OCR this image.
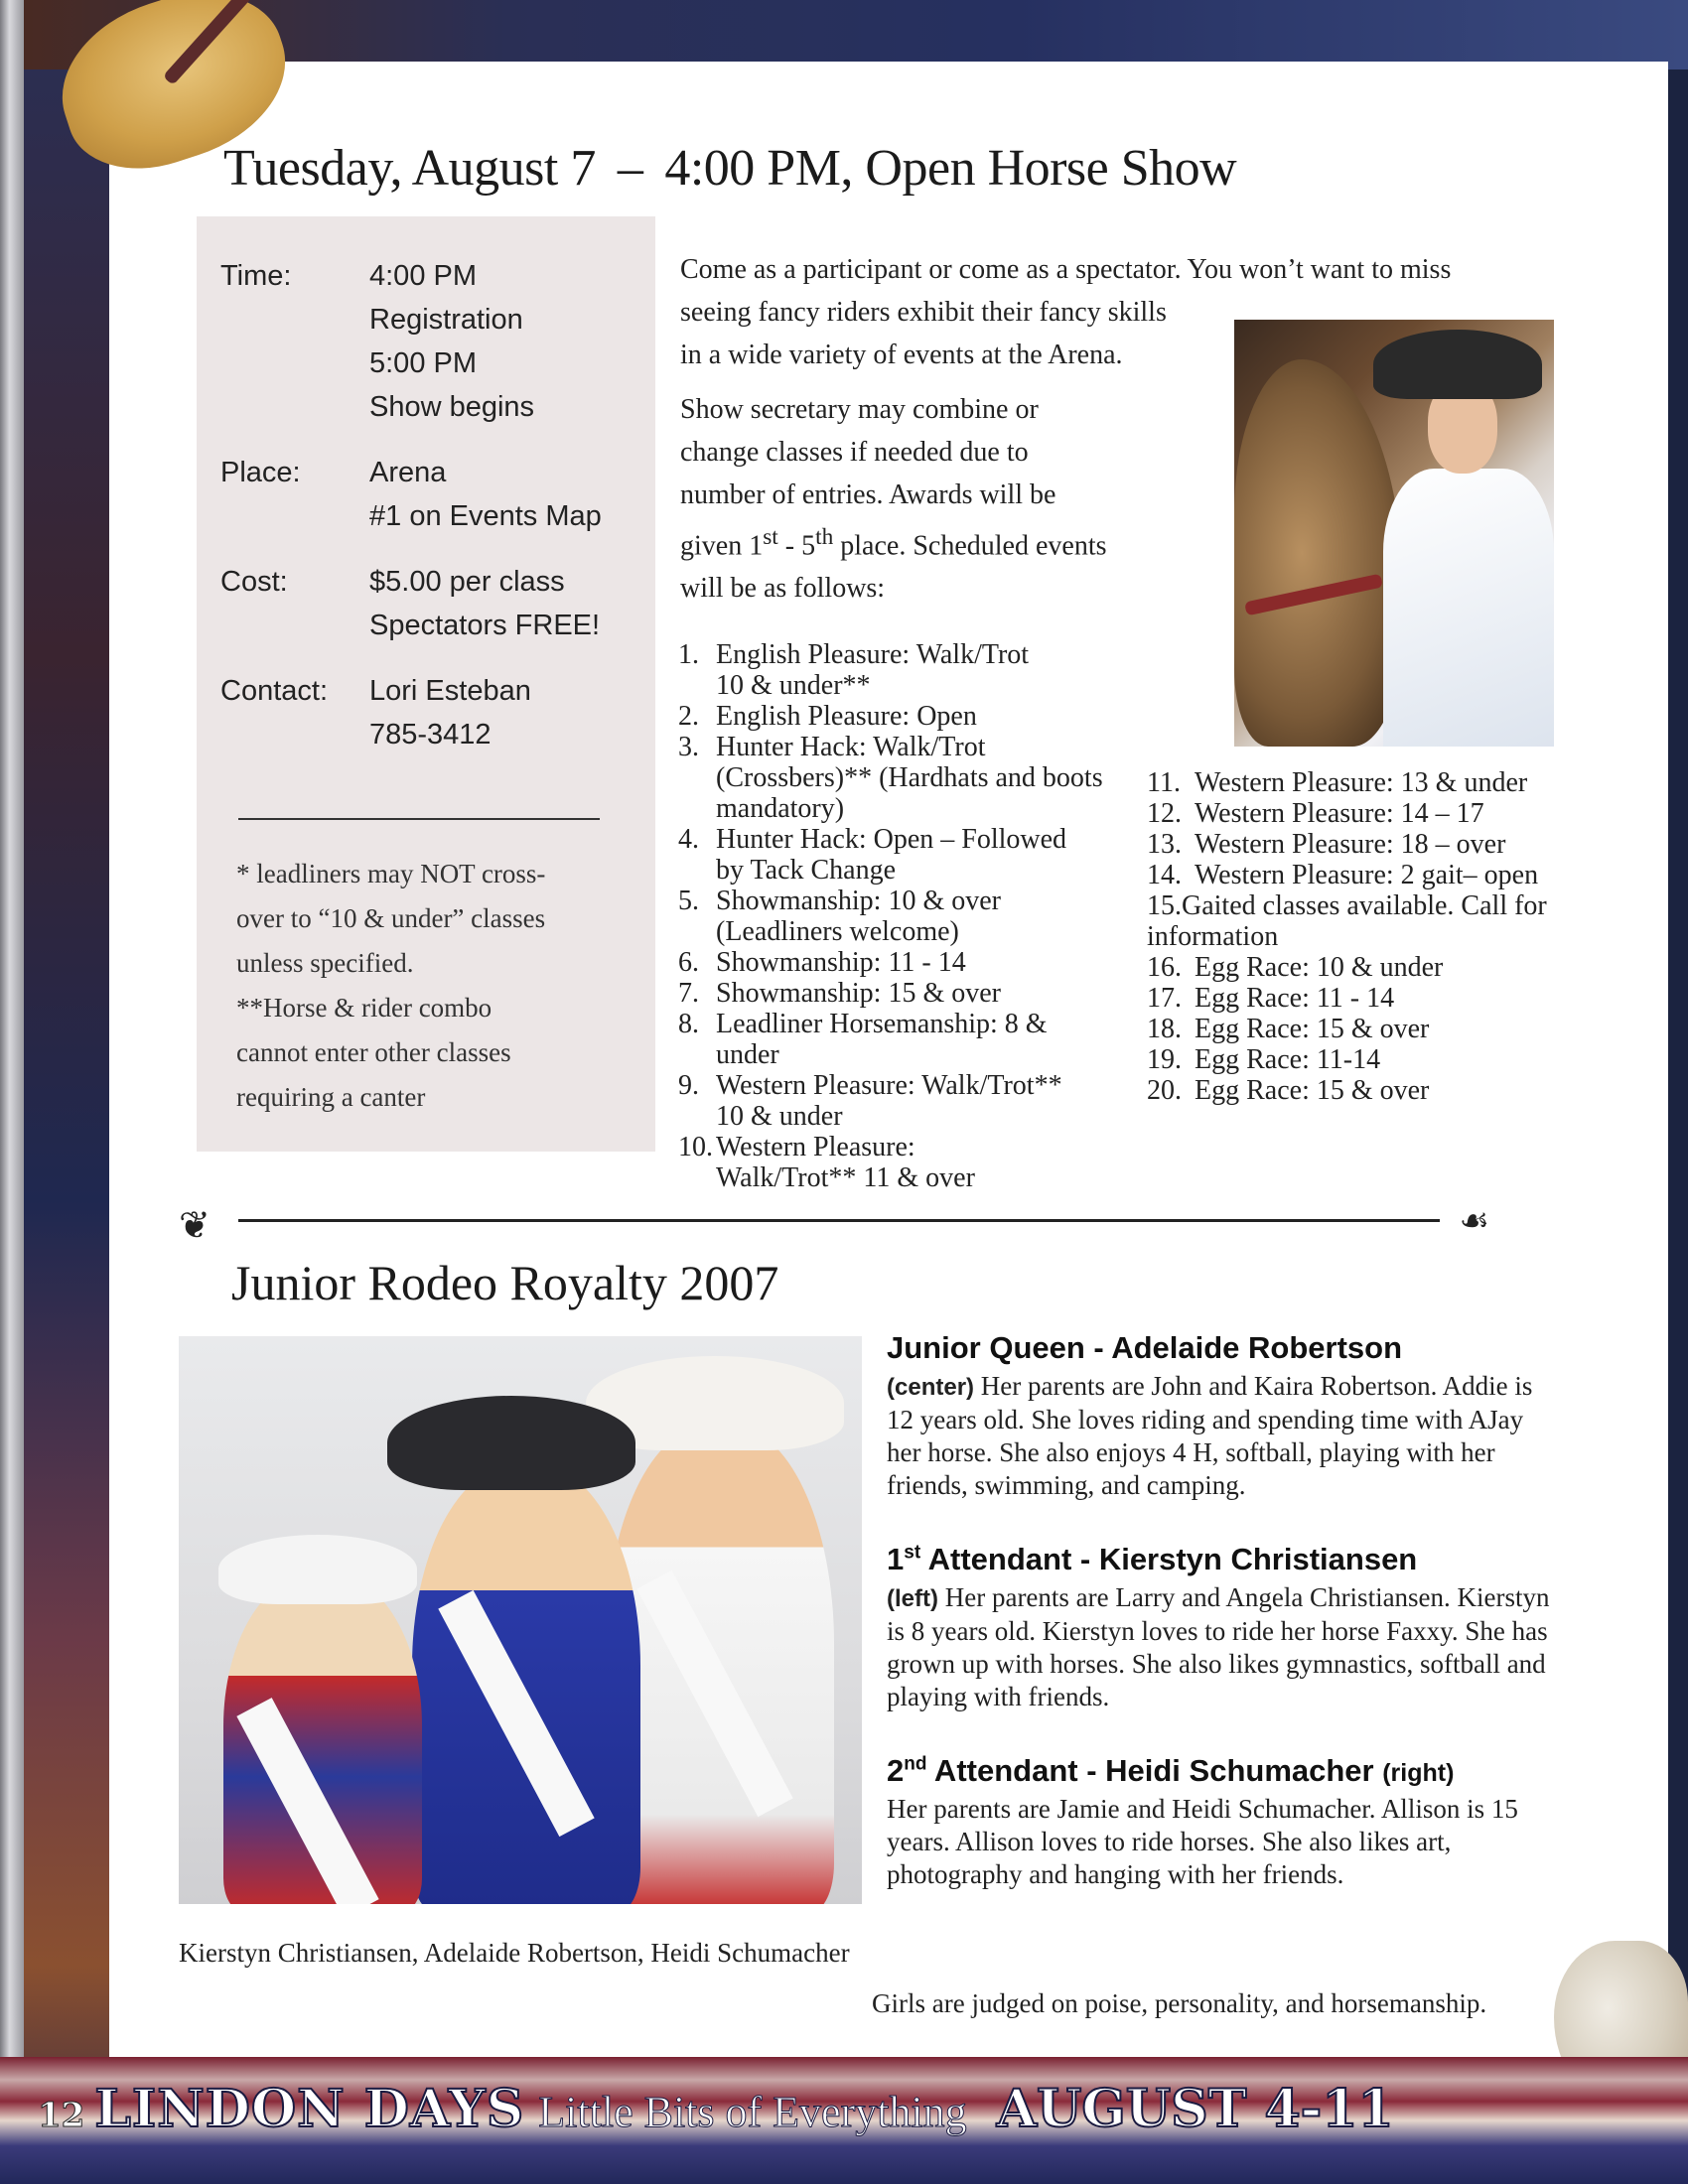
Tuesday, August 7 – 4:00 PM, Open Horse Show
Time:	4:00 PM
Registration
5:00 PM
Show begins
Place:	Arena
#1 on Events Map
Cost:	$5.00 per class
Spectators FREE!
Contact:	Lori Esteban
785-3412
* leadliners may NOT cross-
over to “10 & under” classes
unless specified.
**Horse & rider combo
cannot enter other classes
requiring a canter

Come as a participant or come as a spectator. You won’t want to miss
seeing fancy riders exhibit their fancy skills
in a wide variety of events at the Arena.

Show secretary may combine or
change classes if needed due to
number of entries. Awards will be
given 1st - 5th place. Scheduled events
will be as follows:

1. English Pleasure: Walk/Trot
10 & under**
2. English Pleasure: Open
3. Hunter Hack: Walk/Trot
(Crossbers)** (Hardhats and boots mandatory)
4. Hunter Hack: Open – Followed
by Tack Change
5. Showmanship: 10 & over
(Leadliners welcome)
6. Showmanship: 11 - 14
7. Showmanship: 15 & over
8. Leadliner Horsemanship: 8 &
under
9. Western Pleasure: Walk/Trot**
10 & under
10. Western Pleasure:
Walk/Trot** 11 & over
11. Western Pleasure: 13 & under
12. Western Pleasure: 14 – 17
13. Western Pleasure: 18 – over
14. Western Pleasure: 2 gait– open
15.Gaited classes available. Call for
information
16. Egg Race: 10 & under
17. Egg Race: 11 - 14
18. Egg Race: 15 & over
19. Egg Race: 11-14
20. Egg Race: 15 & over
❦	☙
Junior Rodeo Royalty 2007
Junior Queen - Adelaide Robertson

(center) Her parents are John and Kaira Robertson. Addie is 12 years old. She loves riding and spending time with AJay her horse. She also enjoys 4 H, softball, playing with her friends, swimming, and camping.

1st Attendant - Kierstyn Christiansen

(left) Her parents are Larry and Angela Christiansen. Kierstyn is 8 years old. Kierstyn loves to ride her horse Faxxy. She has grown up with horses. She also likes gymnastics, softball and playing with friends.

2nd Attendant - Heidi Schumacher (right)

Her parents are Jamie and Heidi Schumacher. Allison is 15 years. Allison loves to ride horses. She also likes art, photography and hanging with her friends.

Kierstyn Christiansen, Adelaide Robertson, Heidi Schumacher
Girls are judged on poise, personality, and horsemanship.
12 LINDON DAYS Little Bits of Everything AUGUST 4-11
